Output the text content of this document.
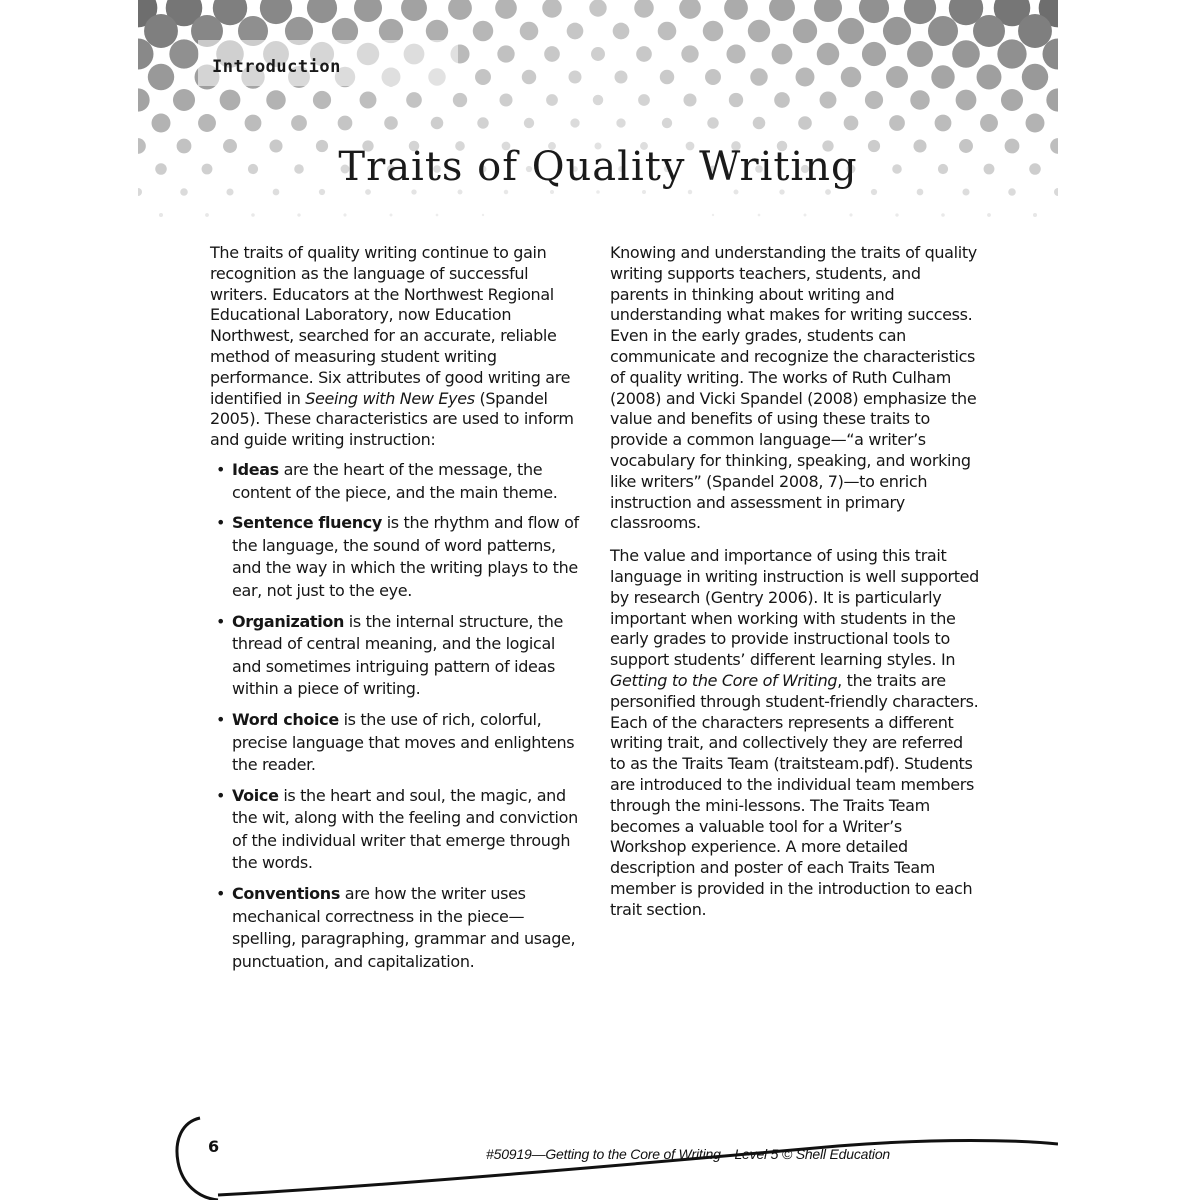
Introduction
Traits of Quality Writing

The traits of quality writing continue to gain recognition as the language of successful writers. Educators at the Northwest Regional Educational Laboratory, now Education Northwest, searched for an accurate, reliable method of measuring student writing performance. Six attributes of good writing are identified in Seeing with New Eyes (Spandel 2005). These characteristics are used to inform and guide writing instruction:

• Ideas are the heart of the message, the content of the piece, and the main theme.
• Sentence fluency is the rhythm and flow of the language, the sound of word patterns, and the way in which the writing plays to the ear, not just to the eye.
• Organization is the internal structure, the thread of central meaning, and the logical and sometimes intriguing pattern of ideas within a piece of writing.
• Word choice is the use of rich, colorful, precise language that moves and enlightens the reader.
• Voice is the heart and soul, the magic, and the wit, along with the feeling and conviction of the individual writer that emerge through the words.
• Conventions are how the writer uses mechanical correctness in the piece—spelling, paragraphing, grammar and usage, punctuation, and capitalization.

Knowing and understanding the traits of quality writing supports teachers, students, and parents in thinking about writing and understanding what makes for writing success. Even in the early grades, students can communicate and recognize the characteristics of quality writing. The works of Ruth Culham (2008) and Vicki Spandel (2008) emphasize the value and benefits of using these traits to provide a common language—“a writer’s vocabulary for thinking, speaking, and working like writers” (Spandel 2008, 7)—to enrich instruction and assessment in primary classrooms.

The value and importance of using this trait language in writing instruction is well supported by research (Gentry 2006). It is particularly important when working with students in the early grades to provide instructional tools to support students’ different learning styles. In Getting to the Core of Writing, the traits are personified through student-friendly characters. Each of the characters represents a different writing trait, and collectively they are referred to as the Traits Team (traitsteam.pdf). Students are introduced to the individual team members through the mini-lessons. The Traits Team becomes a valuable tool for a Writer’s Workshop experience. A more detailed description and poster of each Traits Team member is provided in the introduction to each trait section.

6	#50919—Getting to the Core of Writing—Level 5 © Shell Education
